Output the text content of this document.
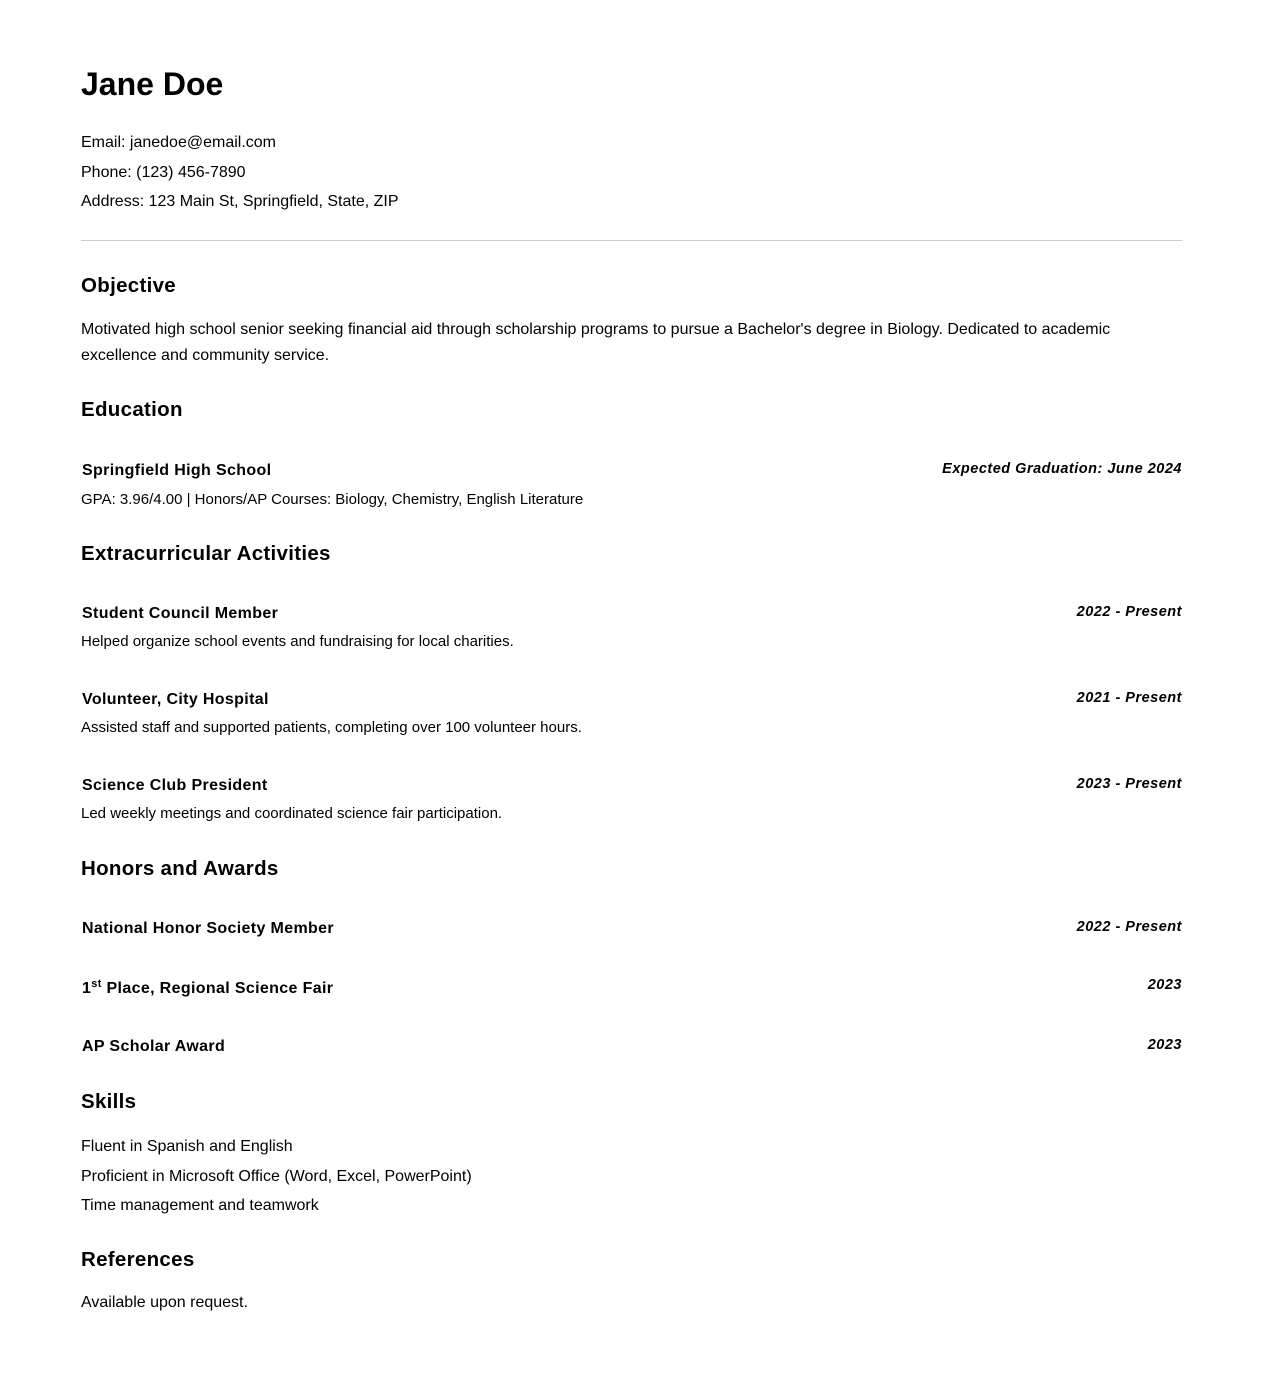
Jane Doe
Email: janedoe@email.com
Phone: (123) 456-7890
Address: 123 Main St, Springfield, State, ZIP
Objective
Motivated high school senior seeking financial aid through scholarship programs to pursue a Bachelor's degree in Biology. Dedicated to academic excellence and community service.
Education
Springfield High School	Expected Graduation: June 2024
GPA: 3.96/4.00 | Honors/AP Courses: Biology, Chemistry, English Literature
Extracurricular Activities
Student Council Member	2022 - Present
Helped organize school events and fundraising for local charities.
Volunteer, City Hospital	2021 - Present
Assisted staff and supported patients, completing over 100 volunteer hours.
Science Club President	2023 - Present
Led weekly meetings and coordinated science fair participation.
Honors and Awards
National Honor Society Member	2022 - Present
1st Place, Regional Science Fair	2023
AP Scholar Award	2023
Skills
Fluent in Spanish and English
Proficient in Microsoft Office (Word, Excel, PowerPoint)
Time management and teamwork
References
Available upon request.
